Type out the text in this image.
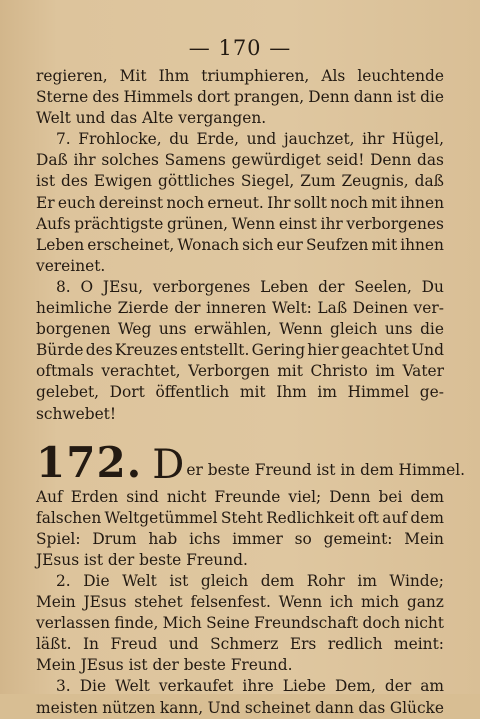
— 170 —
regieren, Mit Ihm triumphieren, Als leuchtende
Sterne des Himmels dort prangen, Denn dann ist die
Welt und das Alte vergangen.
7. Frohlocke, du Erde, und jauchzet, ihr Hügel,
Daß ihr solches Samens gewürdiget seid! Denn das
ist des Ewigen göttliches Siegel, Zum Zeugnis, daß
Er euch dereinst noch erneut. Ihr sollt noch mit ihnen
Aufs prächtigste grünen, Wenn einst ihr verborgenes
Leben erscheinet, Wonach sich eur Seufzen mit ihnen
vereinet.
8. O JEsu, verborgenes Leben der Seelen, Du
heimliche Zierde der inneren Welt: Laß Deinen ver-
borgenen Weg uns erwählen, Wenn gleich uns die
Bürde des Kreuzes entstellt. Gering hier geachtet Und
oftmals verachtet, Verborgen mit Christo im Vater
gelebet, Dort öffentlich mit Ihm im Himmel ge-
schwebet!
172. D er beste Freund ist in dem Himmel.
Auf Erden sind nicht Freunde viel; Denn bei dem
falschen Weltgetümmel Steht Redlichkeit oft auf dem
Spiel: Drum hab ichs immer so gemeint: Mein
JEsus ist der beste Freund.
2. Die Welt ist gleich dem Rohr im Winde;
Mein JEsus stehet felsenfest. Wenn ich mich ganz
verlassen finde, Mich Seine Freundschaft doch nicht
läßt. In Freud und Schmerz Ers redlich meint:
Mein JEsus ist der beste Freund.
3. Die Welt verkaufet ihre Liebe Dem, der am
meisten nützen kann, Und scheinet dann das Glücke
